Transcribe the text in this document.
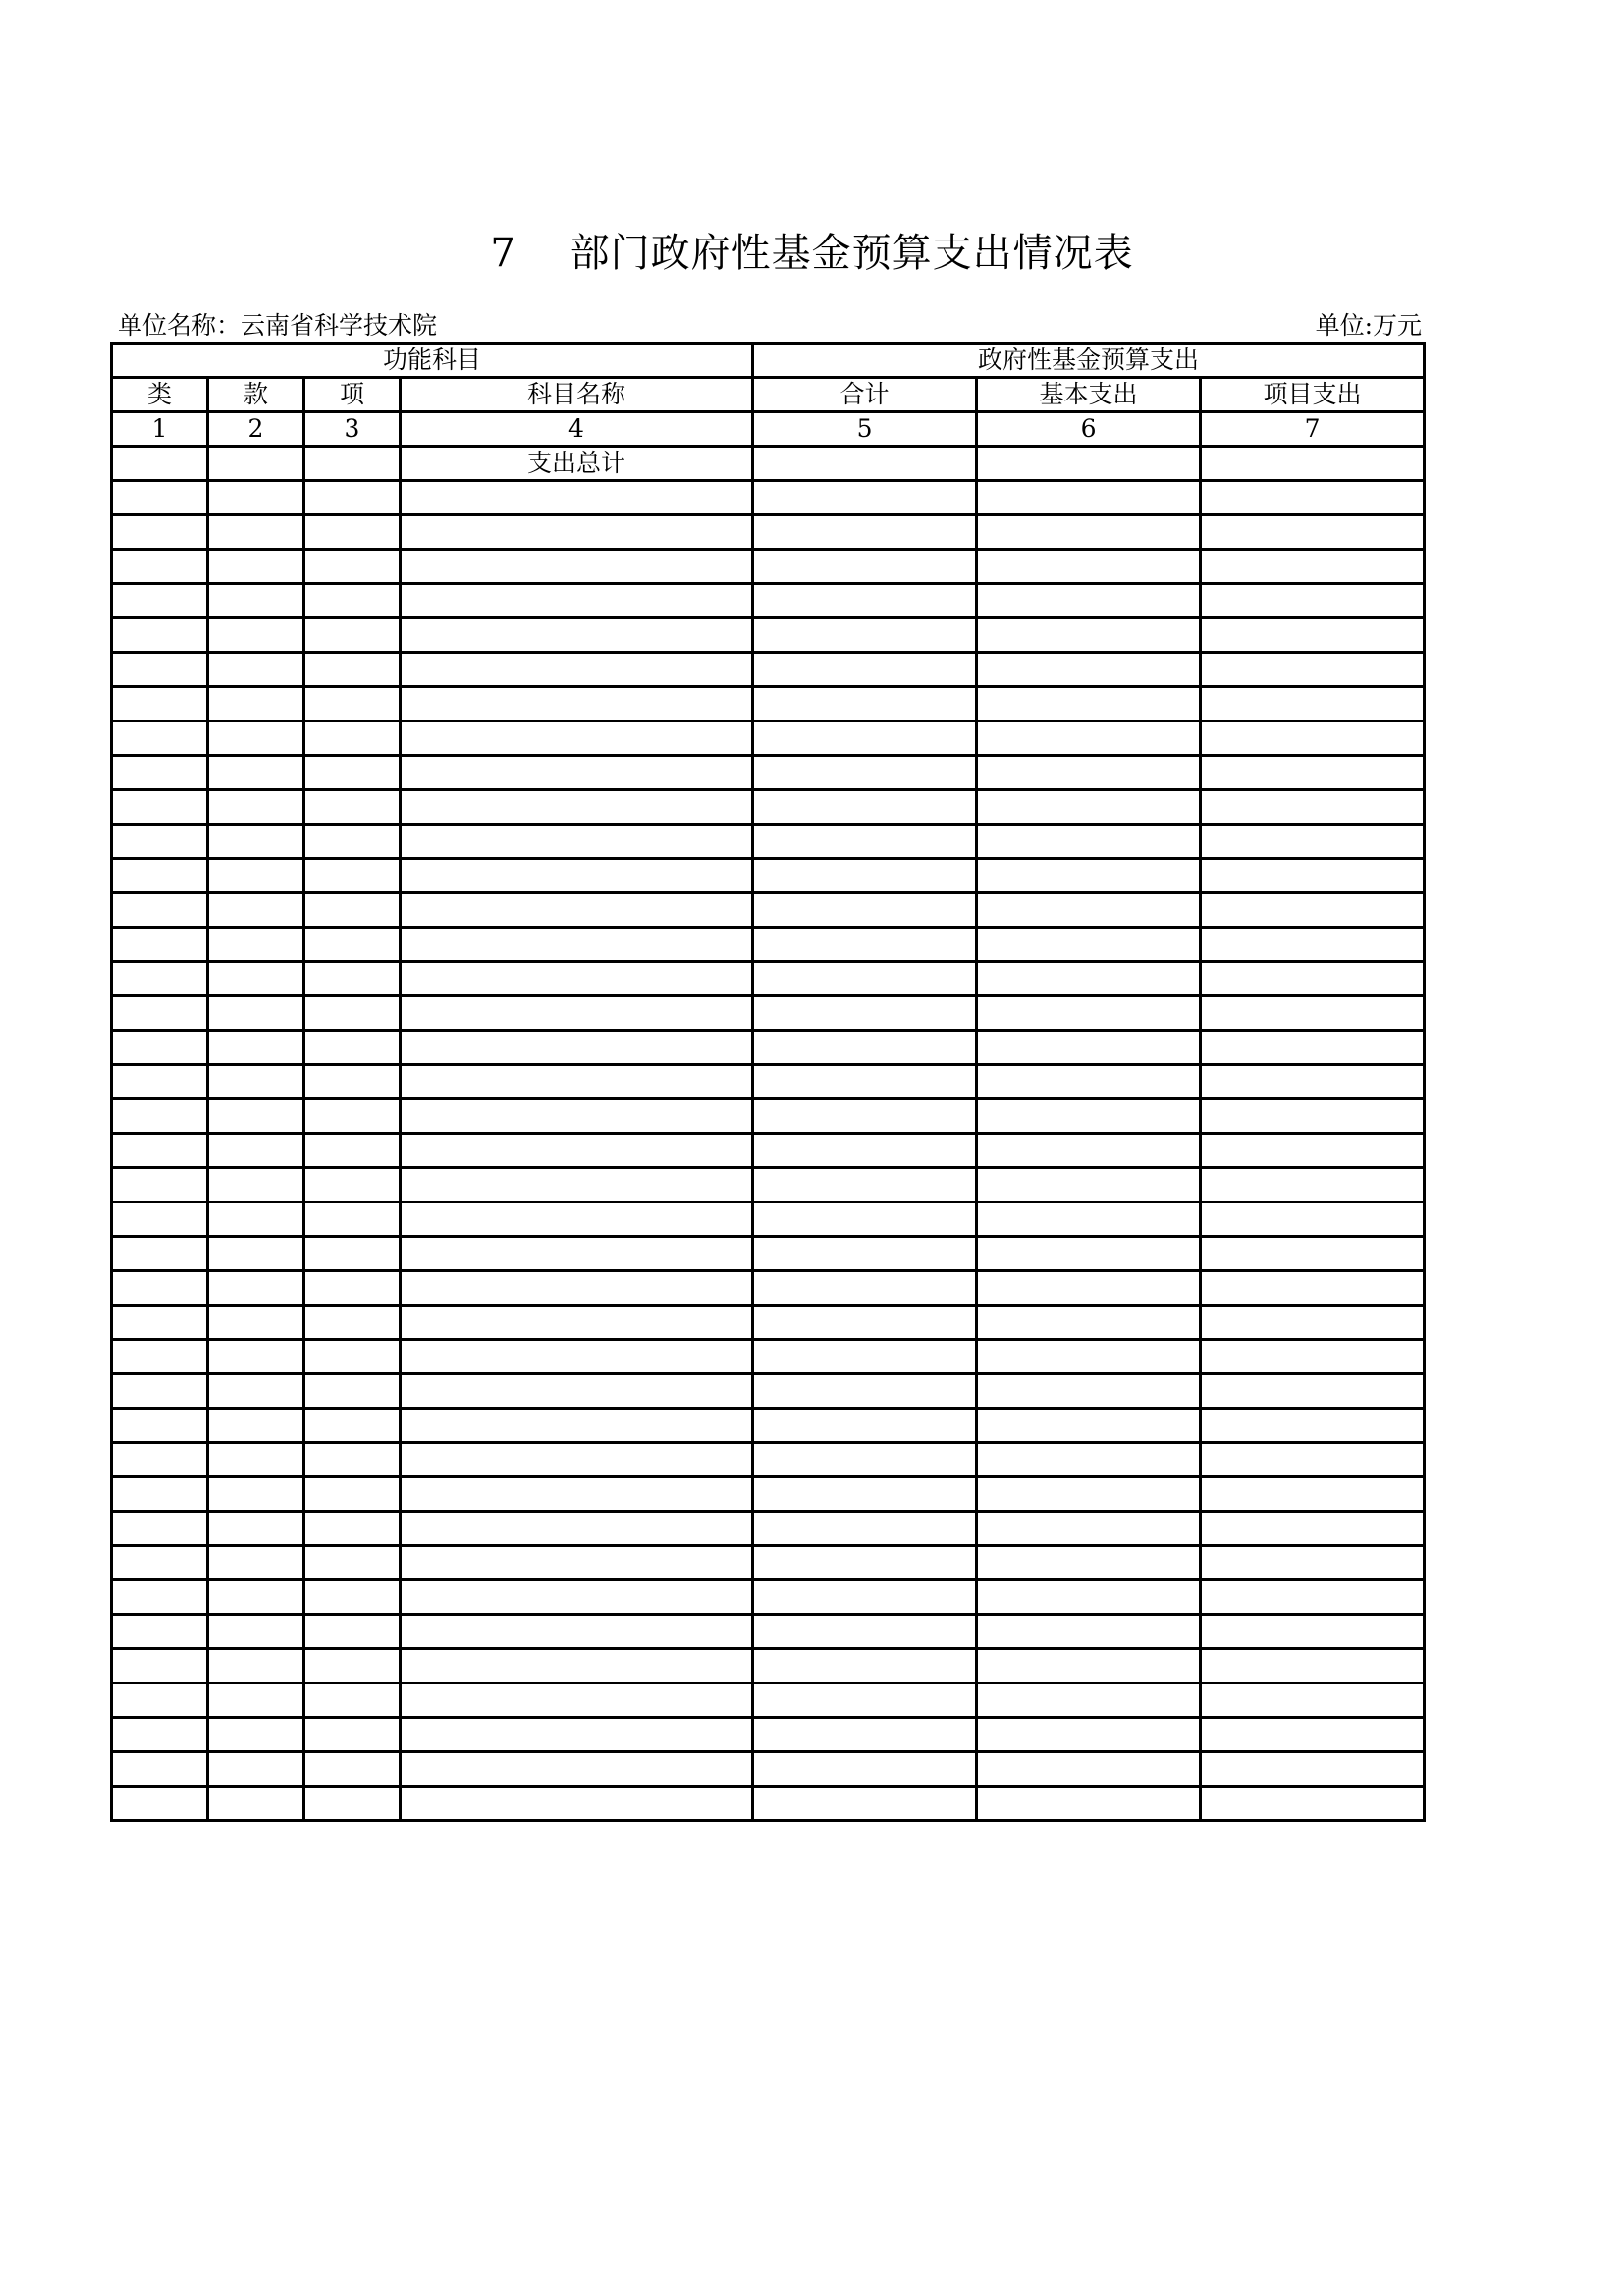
7 　部门政府性基金预算支出情况表
单位名称：云南省科学技术院	单位:万元
功能科目				政府性基金预算支出		
类	款	项	科目名称	合计	基本支出	项目支出
1	2	3	4	5	6	7
			支出总计			
